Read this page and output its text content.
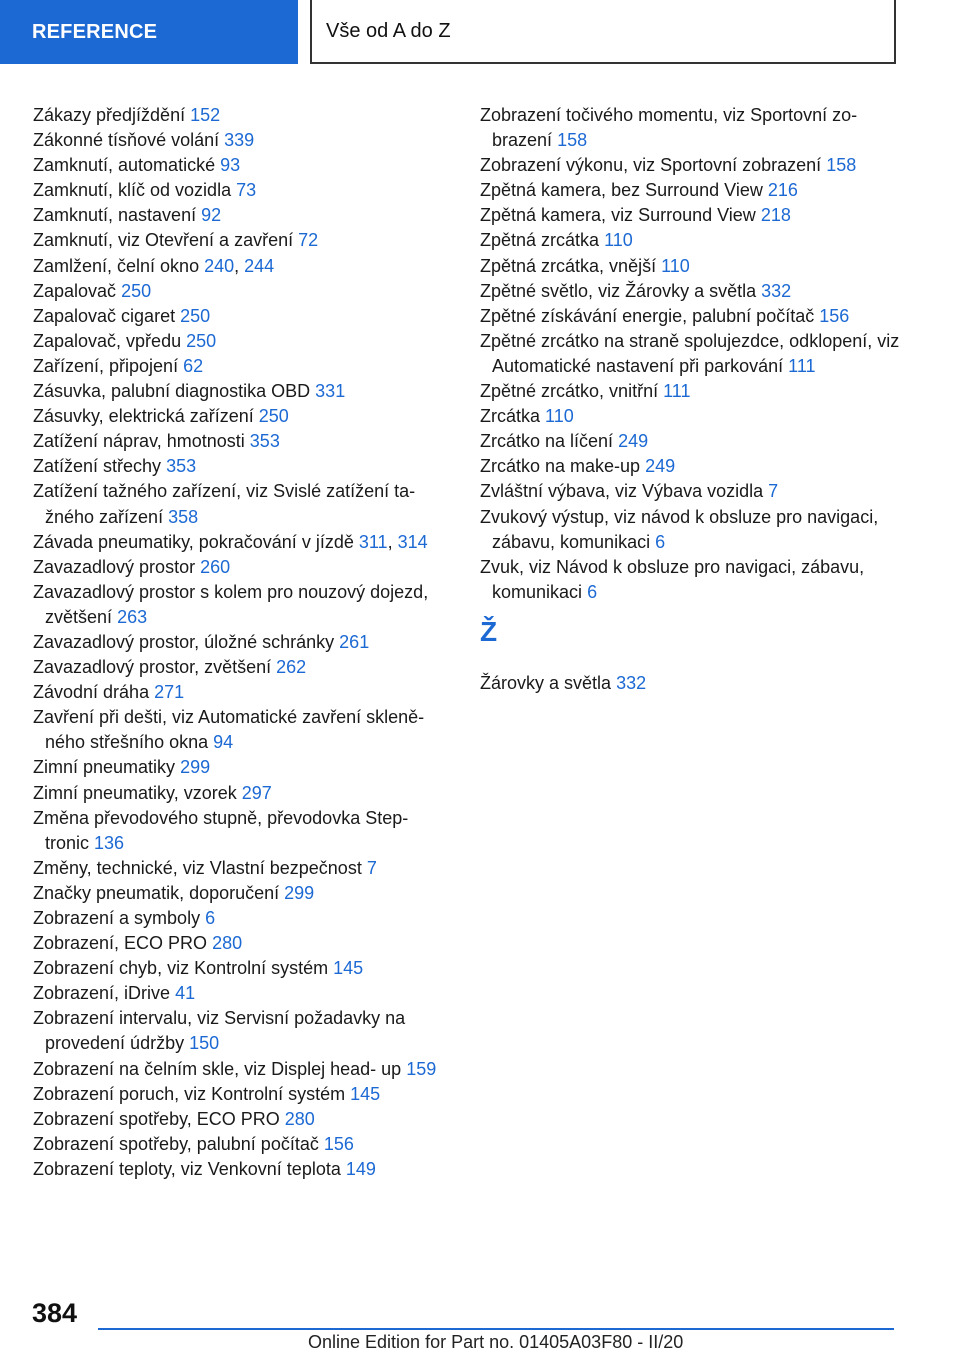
REFERENCE	Vše od A do Z

Zákazy předjíždění 152

Zákonné tísňové volání 339

Zamknutí, automatické 93

Zamknutí, klíč od vozidla 73

Zamknutí, nastavení 92

Zamknutí, viz Otevření a zavření 72

Zamlžení, čelní okno 240, 244

Zapalovač 250

Zapalovač cigaret 250

Zapalovač, vpředu 250

Zařízení, připojení 62

Zásuvka, palubní diagnostika OBD 331

Zásuvky, elektrická zařízení 250

Zatížení náprav, hmotnosti 353

Zatížení střechy 353

Zatížení tažného zařízení, viz Svislé zatížení ta‐ žného zařízení 358

Závada pneumatiky, pokračování v jízdě 311, 314

Zavazadlový prostor 260

Zavazadlový prostor s kolem pro nouzový dojezd, zvětšení 263

Zavazadlový prostor, úložné schránky 261

Zavazadlový prostor, zvětšení 262

Závodní dráha 271

Zavření při dešti, viz Automatické zavření skleně‐ ného střešního okna 94

Zimní pneumatiky 299

Zimní pneumatiky, vzorek 297

Změna převodového stupně, převodovka Step‐ tronic 136

Změny, technické, viz Vlastní bezpečnost 7

Značky pneumatik, doporučení 299

Zobrazení a symboly 6

Zobrazení, ECO PRO 280

Zobrazení chyb, viz Kontrolní systém 145

Zobrazení, iDrive 41

Zobrazení intervalu, viz Servisní požadavky na provedení údržby 150

Zobrazení na čelním skle, viz Displej head- up 159

Zobrazení poruch, viz Kontrolní systém 145

Zobrazení spotřeby, ECO PRO 280

Zobrazení spotřeby, palubní počítač 156

Zobrazení teploty, viz Venkovní teplota 149

Zobrazení točivého momentu, viz Sportovní zo‐ brazení 158

Zobrazení výkonu, viz Sportovní zobrazení 158

Zpětná kamera, bez Surround View 216

Zpětná kamera, viz Surround View 218

Zpětná zrcátka 110

Zpětná zrcátka, vnější 110

Zpětné světlo, viz Žárovky a světla 332

Zpětné získávání energie, palubní počítač 156

Zpětné zrcátko na straně spolujezdce, odklopení, viz Automatické nastavení při parkování 111

Zpětné zrcátko, vnitřní 111

Zrcátka 110

Zrcátko na líčení 249

Zrcátko na make-up 249

Zvláštní výbava, viz Výbava vozidla 7

Zvukový výstup, viz návod k obsluze pro navigaci, zábavu, komunikaci 6

Zvuk, viz Návod k obsluze pro navigaci, zábavu, komunikaci 6

Ž

Žárovky a světla 332

384
Online Edition for Part no. 01405A03F80 - II/20
